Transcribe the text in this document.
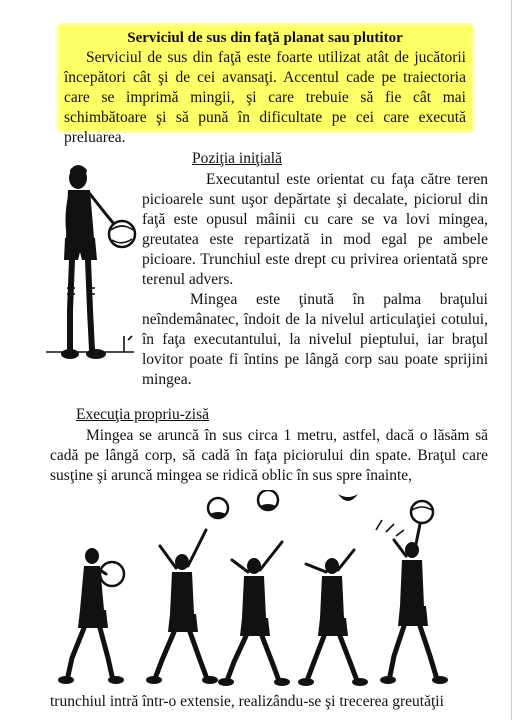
Serviciul de sus din faţă planat sau plutitor
Serviciul de sus din faţă este foarte utilizat atât de jucătorii începători cât şi de cei avansaţi. Accentul cade pe traiectoria care se imprimă mingii, şi care trebuie să fie cât mai schimbătoare şi să pună în dificultate pe cei care execută preluarea.
Poziţia iniţială
Executantul este orientat cu faţa către teren picioarele sunt uşor depărtate şi decalate, piciorul din faţă este opusul mâinii cu care se va lovi mingea, greutatea este repartizată in mod egal pe ambele picioare. Trunchiul este drept cu privirea orientată spre terenul advers.
Mingea este ţinută în palma braţului neîndemânatec, îndoit de la nivelul articulaţiei cotului, în faţa executantului, la nivelul pieptului, iar braţul lovitor poate fi întins pe lângă corp sau poate sprijini mingea.
Execuţia propriu-zisă
Mingea se aruncă în sus circa 1 metru, astfel, dacă o lăsăm să cadă pe lângă corp, să cadă în faţa piciorului din spate. Braţul care susţine şi aruncă mingea se ridică oblic în sus spre înainte,
trunchiul intră într-o extensie, realizându-se şi trecerea greutăţii
